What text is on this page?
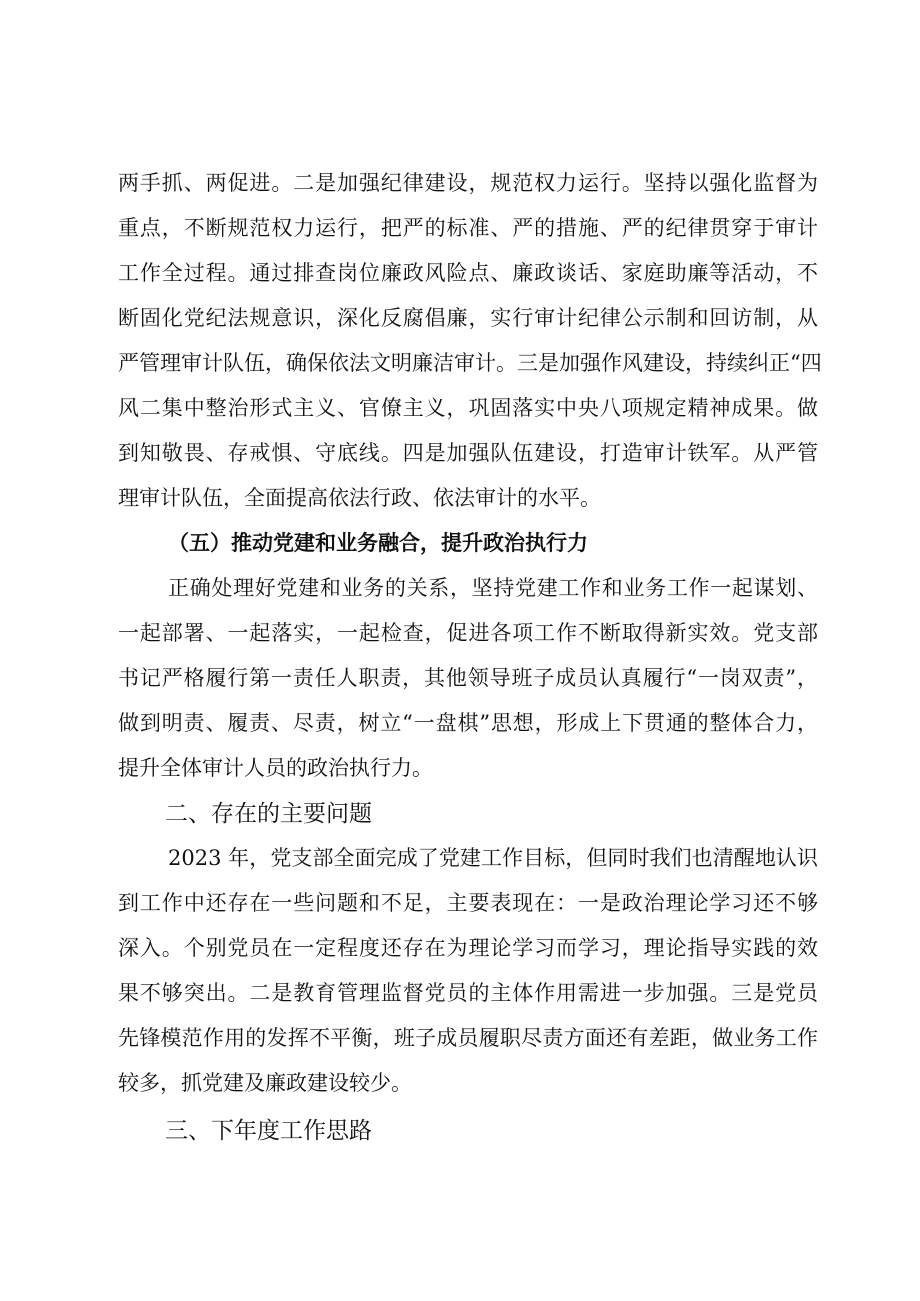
两手抓、两促进。二是加强纪律建设，规范权力运行。坚持以强化监督为
重点，不断规范权力运行，把严的标准、严的措施、严的纪律贯穿于审计
工作全过程。通过排查岗位廉政风险点、廉政谈话、家庭助廉等活动，不
断固化党纪法规意识，深化反腐倡廉，实行审计纪律公示制和回访制，从
严管理审计队伍，确保依法文明廉洁审计。三是加强作风建设，持续纠正“四
风二集中整治形式主义、官僚主义，巩固落实中央八项规定精神成果。做
到知敬畏、存戒惧、守底线。四是加强队伍建设，打造审计铁军。从严管
理审计队伍，全面提高依法行政、依法审计的水平。
（五）推动党建和业务融合，提升政治执行力
正确处理好党建和业务的关系，坚持党建工作和业务工作一起谋划、
一起部署、一起落实，一起检查，促进各项工作不断取得新实效。党支部
书记严格履行第一责任人职责，其他领导班子成员认真履行“一岗双责”，
做到明责、履责、尽责，树立“一盘棋”思想，形成上下贯通的整体合力，
提升全体审计人员的政治执行力。
二、存在的主要问题
2023 年，党支部全面完成了党建工作目标，但同时我们也清醒地认识
到工作中还存在一些问题和不足，主要表现在：一是政治理论学习还不够
深入。个别党员在一定程度还存在为理论学习而学习，理论指导实践的效
果不够突出。二是教育管理监督党员的主体作用需进一步加强。三是党员
先锋模范作用的发挥不平衡，班子成员履职尽责方面还有差距，做业务工作
较多，抓党建及廉政建设较少。
三、下年度工作思路
